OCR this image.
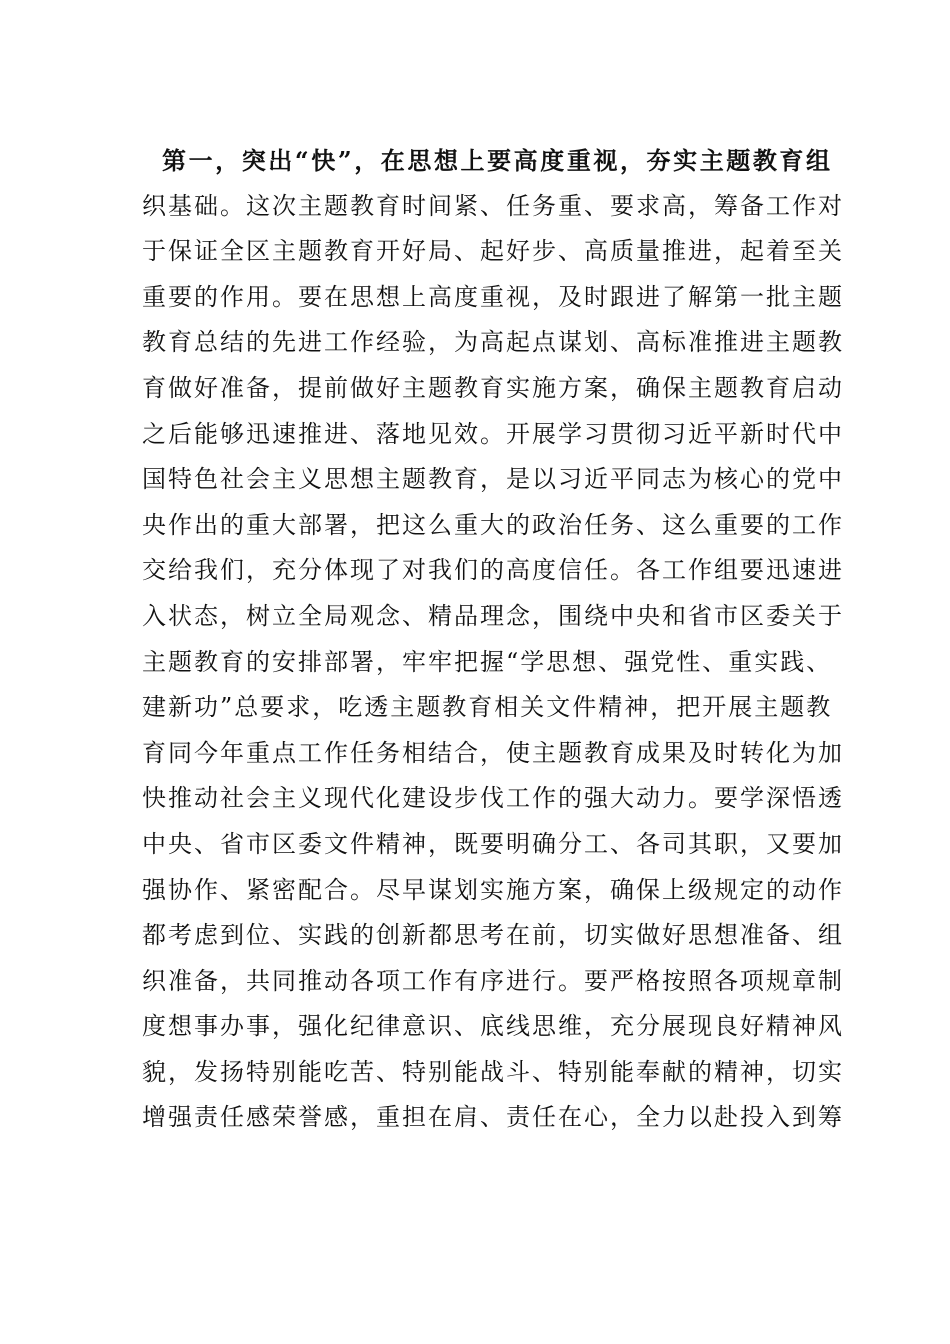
第一，突出“快”，在思想上要高度重视，夯实主题教育组
织基础。这次主题教育时间紧、任务重、要求高，筹备工作对
于保证全区主题教育开好局、起好步、高质量推进，起着至关
重要的作用。要在思想上高度重视，及时跟进了解第一批主题
教育总结的先进工作经验，为高起点谋划、高标准推进主题教
育做好准备，提前做好主题教育实施方案，确保主题教育启动
之后能够迅速推进、落地见效。开展学习贯彻习近平新时代中
国特色社会主义思想主题教育，是以习近平同志为核心的党中
央作出的重大部署，把这么重大的政治任务、这么重要的工作
交给我们，充分体现了对我们的高度信任。各工作组要迅速进
入状态，树立全局观念、精品理念，围绕中央和省市区委关于
主题教育的安排部署，牢牢把握“学思想、强党性、重实践、
建新功”总要求，吃透主题教育相关文件精神，把开展主题教
育同今年重点工作任务相结合，使主题教育成果及时转化为加
快推动社会主义现代化建设步伐工作的强大动力。要学深悟透
中央、省市区委文件精神，既要明确分工、各司其职，又要加
强协作、紧密配合。尽早谋划实施方案，确保上级规定的动作
都考虑到位、实践的创新都思考在前，切实做好思想准备、组
织准备，共同推动各项工作有序进行。要严格按照各项规章制
度想事办事，强化纪律意识、底线思维，充分展现良好精神风
貌，发扬特别能吃苦、特别能战斗、特别能奉献的精神，切实
增强责任感荣誉感，重担在肩、责任在心，全力以赴投入到筹
